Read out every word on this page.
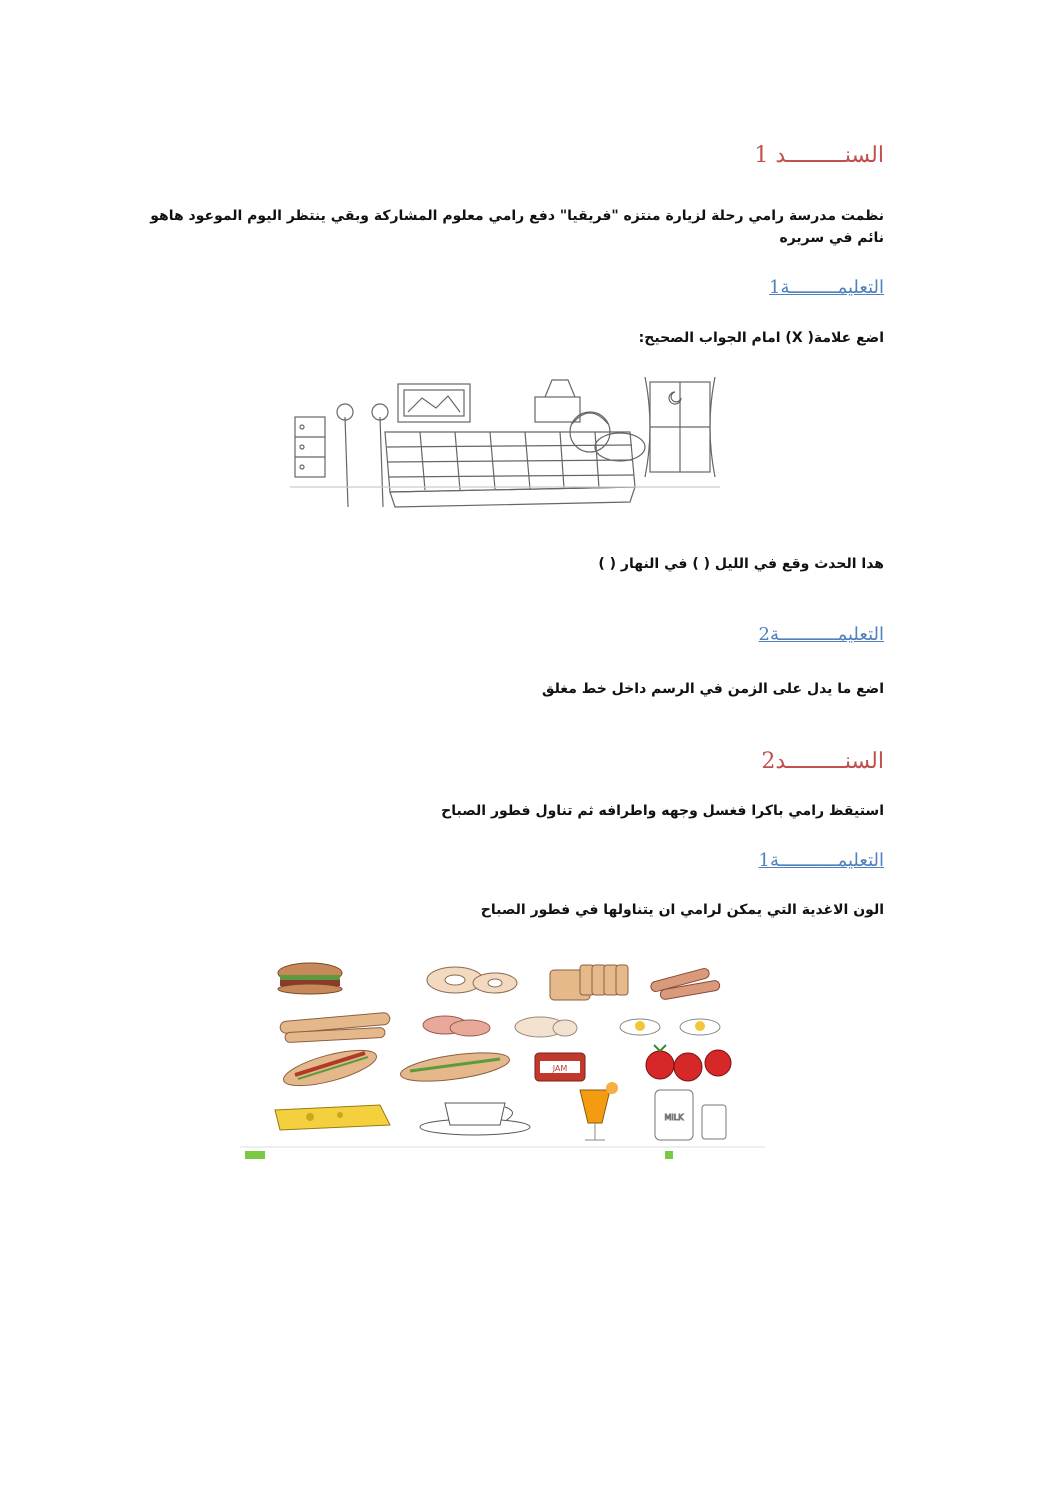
السنـــــــــد 1
نظمت مدرسة رامي رحلة لزيارة منتزه "فريقيا" دفع رامي معلوم المشاركة وبقي ينتظر اليوم الموعود هاهو نائم في سريره
التعليمـــــــــة1
اضع علامة( X) امام الجواب الصحيح:
هدا الحدث وقع في الليل ( ) في النهار ( )
التعليمـــــــــــة2
اضع ما يدل على الزمن في الرسم داخل خط مغلق
السنـــــــــد2
استيقظ رامي باكرا فغسل وجهه واطرافه ثم تناول فطور الصباح
التعليمـــــــــــة1
الون الاغدية التي يمكن لرامي ان يتناولها في فطور الصباح
JAM
MILK
